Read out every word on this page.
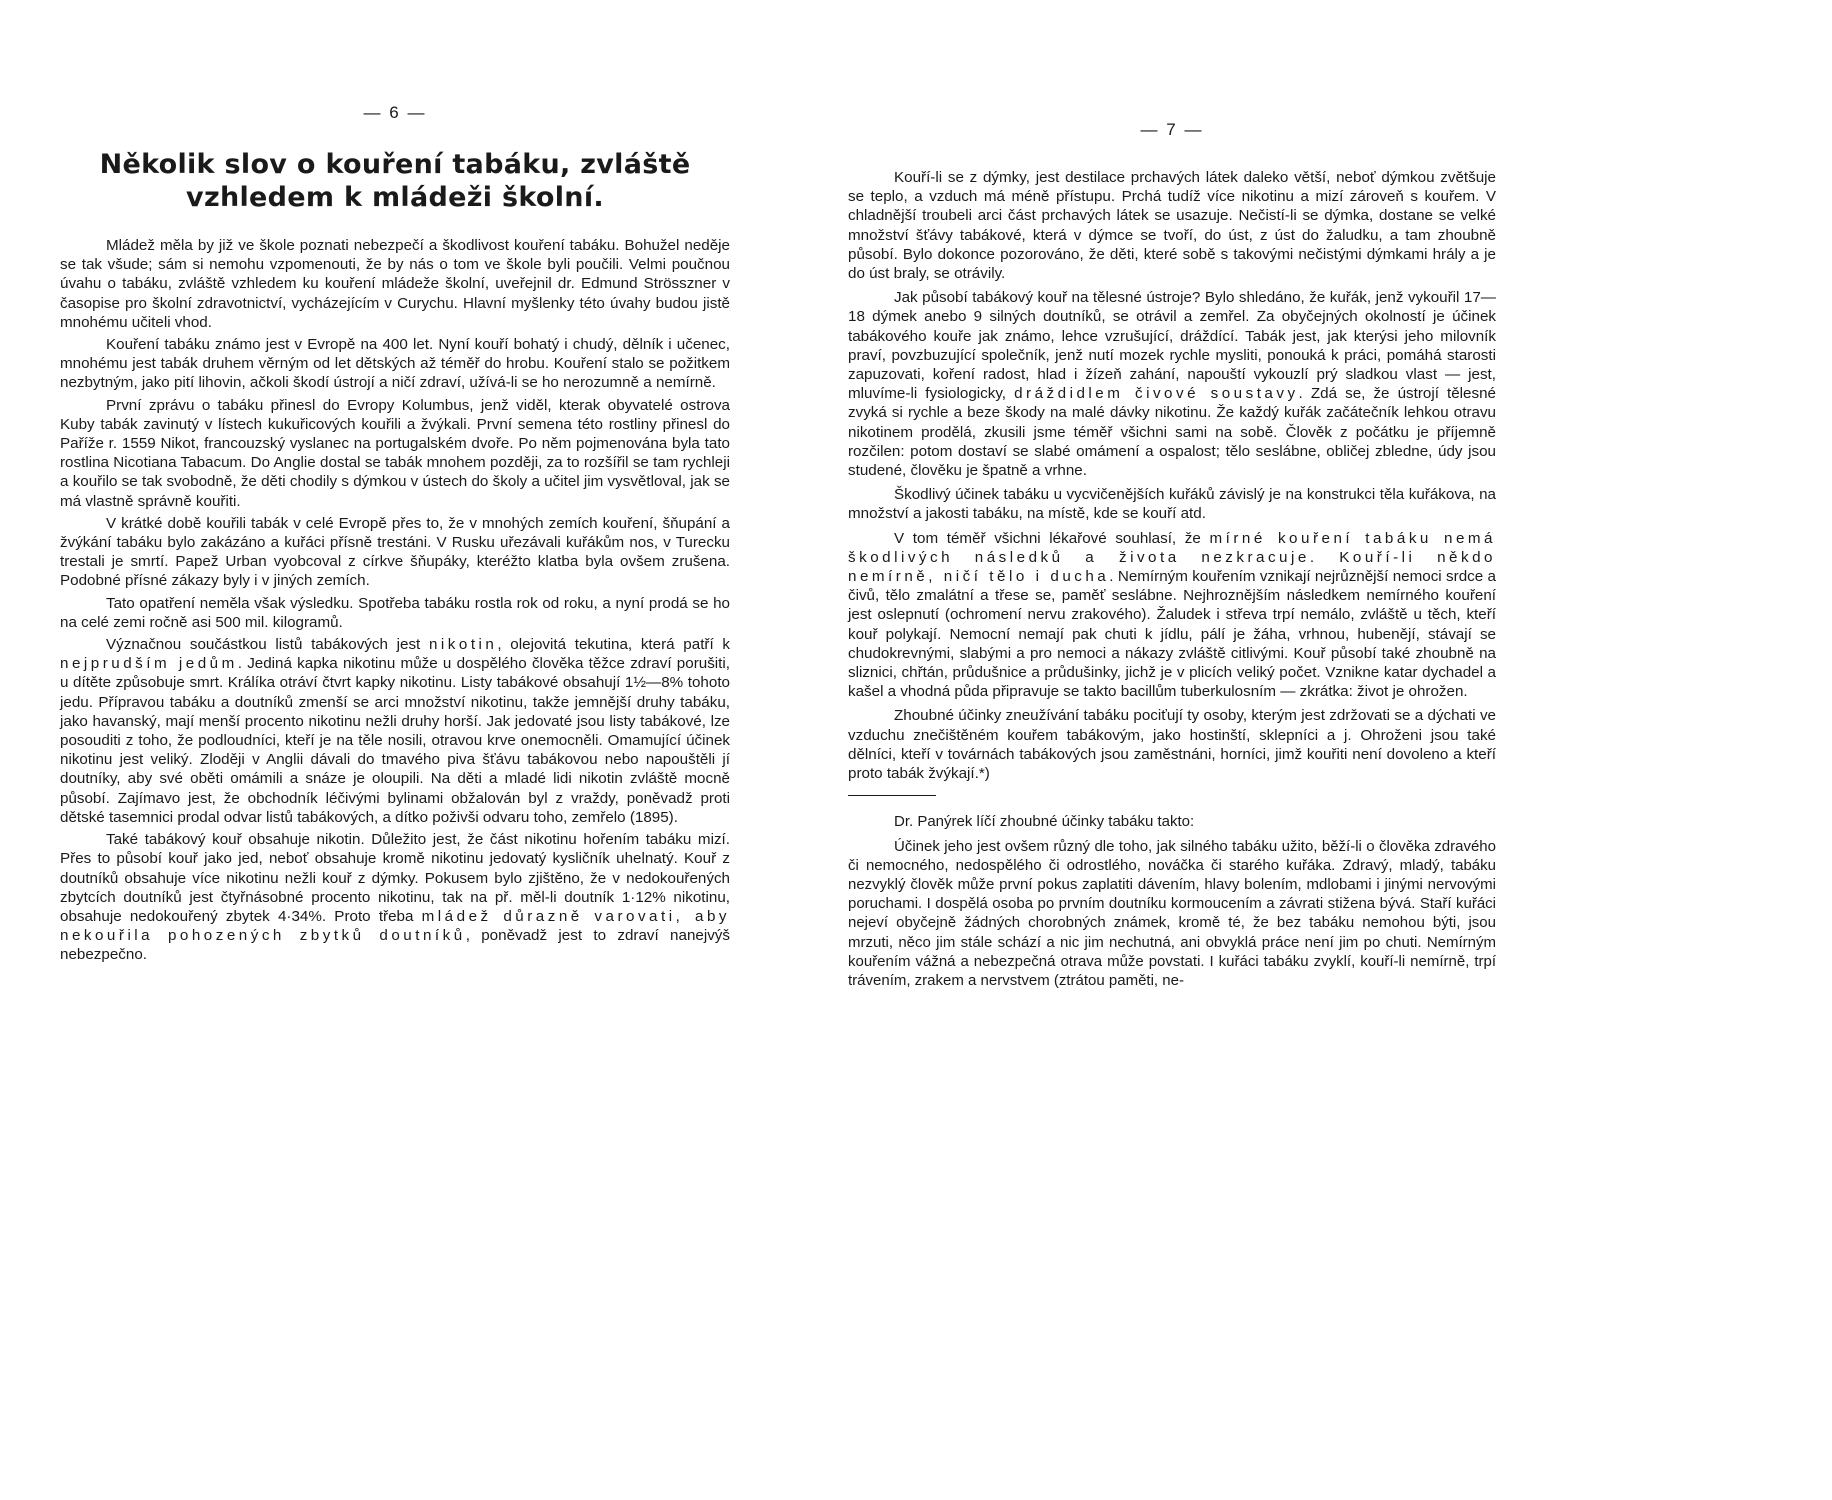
— 6 —
Několik slov o kouření tabáku, zvláště vzhledem k mládeži školní.

Mládež měla by již ve škole poznati nebezpečí a škodlivost kouření tabáku. Bohužel neděje se tak všude; sám si nemohu vzpomenouti, že by nás o tom ve škole byli poučili. Velmi poučnou úvahu o tabáku, zvláště vzhledem ku kouření mládeže školní, uveřejnil dr. Edmund Strösszner v časopise pro školní zdravotnictví, vycházejícím v Curychu. Hlavní myšlenky této úvahy budou jistě mnohému učiteli vhod.

Kouření tabáku známo jest v Evropě na 400 let. Nyní kouří bohatý i chudý, dělník i učenec, mnohému jest tabák druhem věrným od let dětských až téměř do hrobu. Kouření stalo se požitkem nezbytným, jako pití lihovin, ačkoli škodí ústrojí a ničí zdraví, užívá-li se ho nerozumně a nemírně.

První zprávu o tabáku přinesl do Evropy Kolumbus, jenž viděl, kterak obyvatelé ostrova Kuby tabák zavinutý v lístech kukuřicových kouřili a žvýkali. První semena této rostliny přinesl do Paříže r. 1559 Nikot, francouzský vyslanec na portugalském dvoře. Po něm pojmenována byla tato rostlina Nicotiana Tabacum. Do Anglie dostal se tabák mnohem později, za to rozšířil se tam rychleji a kouřilo se tak svobodně, že děti chodily s dýmkou v ústech do školy a učitel jim vysvětloval, jak se má vlastně správně kouřiti.

V krátké době kouřili tabák v celé Evropě přes to, že v mnohých zemích kouření, šňupání a žvýkání tabáku bylo zakázáno a kuřáci přísně trestáni. V Rusku uřezávali kuřákům nos, v Turecku trestali je smrtí. Papež Urban vyobcoval z církve šňupáky, kteréžto klatba byla ovšem zrušena. Podobné přísné zákazy byly i v jiných zemích.

Tato opatření neměla však výsledku. Spotřeba tabáku rostla rok od roku, a nyní prodá se ho na celé zemi ročně asi 500 mil. kilogramů.

Význačnou součástkou listů tabákových jest nikotin, olejovitá tekutina, která patří k nejprudším jedům. Jediná kapka nikotinu může u dospělého člověka těžce zdraví porušiti, u dítěte způsobuje smrt. Králíka otráví čtvrt kapky nikotinu. Listy tabákové obsahují 1½—8% tohoto jedu. Přípravou tabáku a doutníků zmenší se arci množství nikotinu, takže jemnější druhy tabáku, jako havanský, mají menší procento nikotinu nežli druhy horší. Jak jedovaté jsou listy tabákové, lze posouditi z toho, že podloudníci, kteří je na těle nosili, otravou krve onemocněli. Omamující účinek nikotinu jest veliký. Zloději v Anglii dávali do tmavého piva šťávu tabákovou nebo napouštěli jí doutníky, aby své oběti omámili a snáze je oloupili. Na děti a mladé lidi nikotin zvláště mocně působí. Zajímavo jest, že obchodník léčivými bylinami obžalován byl z vraždy, poněvadž proti dětské tasemnici prodal odvar listů tabákových, a dítko poživši odvaru toho, zemřelo (1895).

Také tabákový kouř obsahuje nikotin. Důležito jest, že část nikotinu hořením tabáku mizí. Přes to působí kouř jako jed, neboť obsahuje kromě nikotinu jedovatý kysličník uhelnatý. Kouř z doutníků obsahuje více nikotinu nežli kouř z dýmky. Pokusem bylo zjištěno, že v nedokouřených zbytcích doutníků jest čtyřnásobné procento nikotinu, tak na př. měl-li doutník 1·12% nikotinu, obsahuje nedokouřený zbytek 4·34%. Proto třeba mládež důrazně varovati, aby nekouřila pohozených zbytků doutníků, poněvadž jest to zdraví nanejvýš nebezpečno.

— 7 —

Kouří-li se z dýmky, jest destilace prchavých látek daleko větší, neboť dýmkou zvětšuje se teplo, a vzduch má méně přístupu. Prchá tudíž více nikotinu a mizí zároveň s kouřem. V chladnější troubeli arci část prchavých látek se usazuje. Nečistí-li se dýmka, dostane se velké množství šťávy tabákové, která v dýmce se tvoří, do úst, z úst do žaludku, a tam zhoubně působí. Bylo dokonce pozorováno, že děti, které sobě s takovými nečistými dýmkami hrály a je do úst braly, se otrávily.

Jak působí tabákový kouř na tělesné ústroje? Bylo shledáno, že kuřák, jenž vykouřil 17—18 dýmek anebo 9 silných doutníků, se otrávil a zemřel. Za obyčejných okolností je účinek tabákového kouře jak známo, lehce vzrušující, dráždící. Tabák jest, jak kterýsi jeho milovník praví, povzbuzující společník, jenž nutí mozek rychle mysliti, ponouká k práci, pomáhá starosti zapuzovati, koření radost, hlad i žízeň zahání, napouští vykouzlí prý sladkou vlast — jest, mluvíme-li fysiologicky, dráždidlem čivové soustavy. Zdá se, že ústrojí tělesné zvyká si rychle a beze škody na malé dávky nikotinu. Že každý kuřák začátečník lehkou otravu nikotinem prodělá, zkusili jsme téměř všichni sami na sobě. Člověk z počátku je příjemně rozčilen: potom dostaví se slabé omámení a ospalost; tělo seslábne, obličej zbledne, údy jsou studené, člověku je špatně a vrhne.

Škodlivý účinek tabáku u vycvičenějších kuřáků závislý je na konstrukci těla kuřákova, na množství a jakosti tabáku, na místě, kde se kouří atd.

V tom téměř všichni lékařové souhlasí, že mírné kouření tabáku nemá škodlivých následků a života nezkracuje. Kouří-li někdo nemírně, ničí tělo i ducha. Nemírným kouřením vznikají nejrůznější nemoci srdce a čivů, tělo zmalátní a třese se, paměť seslábne. Nejhroznějším následkem nemírného kouření jest oslepnutí (ochromení nervu zrakového). Žaludek i střeva trpí nemálo, zvláště u těch, kteří kouř polykají. Nemocní nemají pak chuti k jídlu, pálí je žáha, vrhnou, hubenějí, stávají se chudokrevnými, slabými a pro nemoci a nákazy zvláště citlivými. Kouř působí také zhoubně na sliznici, chřtán, průdušnice a průdušinky, jichž je v plicích veliký počet. Vznikne katar dychadel a kašel a vhodná půda připravuje se takto bacillům tuberkulosním — zkrátka: život je ohrožen.

Zhoubné účinky zneužívání tabáku pociťují ty osoby, kterým jest zdržovati se a dýchati ve vzduchu znečištěném kouřem tabákovým, jako hostinští, sklepníci a j. Ohroženi jsou také dělníci, kteří v továrnách tabákových jsou zaměstnáni, horníci, jimž kouřiti není dovoleno a kteří proto tabák žvýkají.*)

Dr. Panýrek líčí zhoubné účinky tabáku takto:

Účinek jeho jest ovšem různý dle toho, jak silného tabáku užito, běží-li o člověka zdravého či nemocného, nedospělého či odrostlého, nováčka či starého kuřáka. Zdravý, mladý, tabáku nezvyklý člověk může první pokus zaplatiti dávením, hlavy bolením, mdlobami i jinými nervovými poruchami. I dospělá osoba po prvním doutníku kormoucením a závrati stižena bývá. Staří kuřáci nejeví obyčejně žádných chorobných známek, kromě té, že bez tabáku nemohou býti, jsou mrzuti, něco jim stále schází a nic jim nechutná, ani obvyklá práce není jim po chuti. Nemírným kouřením vážná a nebezpečná otrava může povstati. I kuřáci tabáku zvyklí, kouří-li nemírně, trpí trávením, zrakem a nervstvem (ztrátou paměti, ne-
